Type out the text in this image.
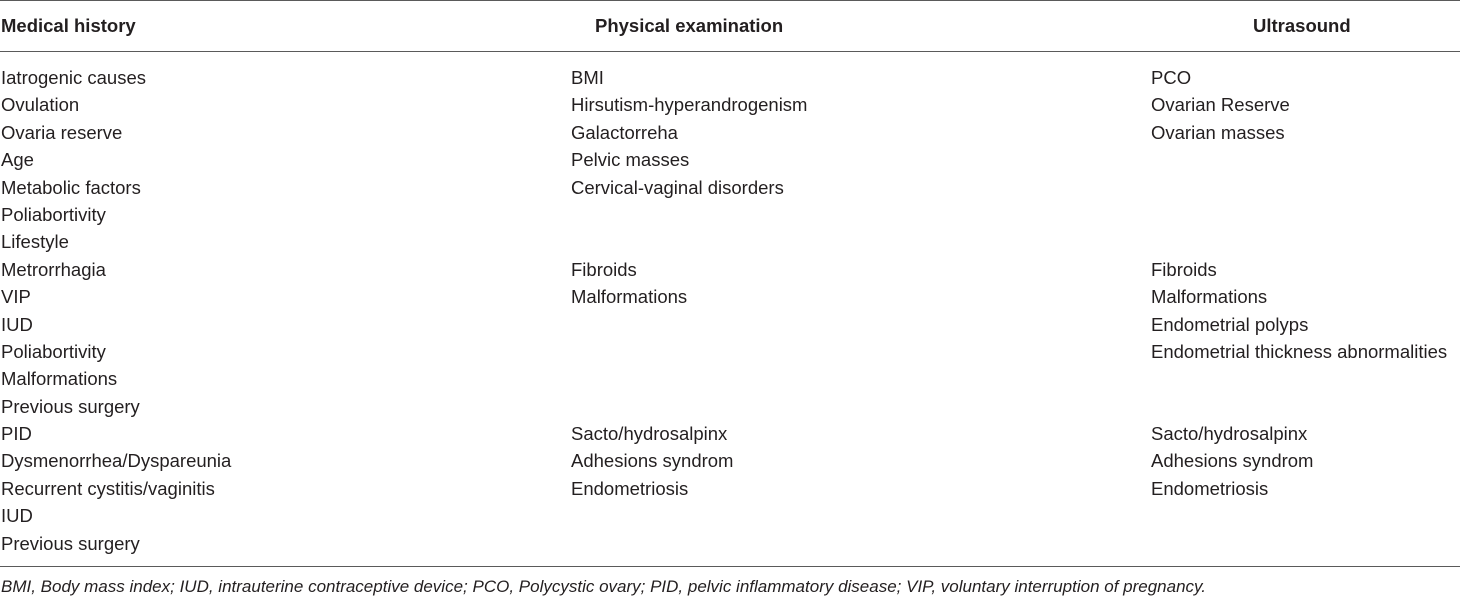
Medical history	Physical examination	Ultrasound

Iatrogenic causes
Ovulation
Ovaria reserve
Age
Metabolic factors
Poliabortivity
Lifestyle
Metrorrhagia
VIP
IUD
Poliabortivity
Malformations
Previous surgery
PID
Dysmenorrhea/Dyspareunia
Recurrent cystitis/vaginitis
IUD
Previous surgery
BMI
Hirsutism-hyperandrogenism
Galactorreha
Pelvic masses
Cervical-vaginal disorders
Fibroids
Malformations
Sacto/hydrosalpinx
Adhesions syndrom
Endometriosis
PCO
Ovarian Reserve
Ovarian masses
Fibroids
Malformations
Endometrial polyps
Endometrial thickness abnormalities
Sacto/hydrosalpinx
Adhesions syndrom
Endometriosis

BMI, Body mass index; IUD, intrauterine contraceptive device; PCO, Polycystic ovary; PID, pelvic inflammatory disease; VIP, voluntary interruption of pregnancy.
